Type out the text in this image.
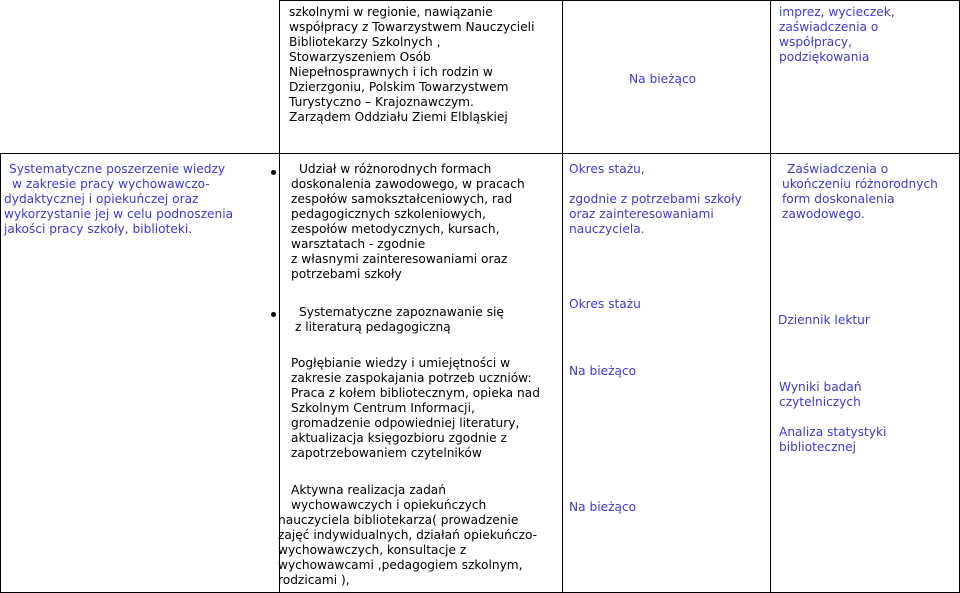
szkolnymi w regionie, nawiązanie
współpracy z Towarzystwem Nauczycieli
Bibliotekarzy Szkolnych ,
Stowarzyszeniem Osób
Niepełnosprawnych i ich rodzin w
Dzierzgoniu, Polskim Towarzystwem
Turystyczno – Krajoznawczym.
Zarządem Oddziału Ziemi Elbląskiej
Na bieżąco
imprez, wycieczek,
zaświadczenia o
współpracy,
podziękowania
Systematyczne poszerzenie wiedzy
w zakresie pracy wychowawczo-
dydaktycznej i opiekuńczej oraz
wykorzystanie jej w celu podnoszenia
jakości pracy szkoły, biblioteki.
Udział w różnorodnych formach
doskonalenia zawodowego, w pracach
zespołów samokształceniowych, rad
pedagogicznych szkoleniowych,
zespołów metodycznych, kursach,
warsztatach - zgodnie
z własnymi zainteresowaniami oraz
potrzebami szkoły
Okres stażu,
zgodnie z potrzebami szkoły
oraz zainteresowaniami
nauczyciela.
Zaświadczenia o
ukończeniu różnorodnych
form doskonalenia
zawodowego.
Systematyczne zapoznawanie się
z literaturą pedagogiczną
Okres stażu
Dziennik lektur
Pogłębianie wiedzy i umiejętności w
zakresie zaspokajania potrzeb uczniów:
Praca z kołem bibliotecznym, opieka nad
Szkolnym Centrum Informacji,
gromadzenie odpowiedniej literatury,
aktualizacja księgozbioru zgodnie z
zapotrzebowaniem czytelników
Na bieżąco
Wyniki badań
czytelniczych
Analiza statystyki
bibliotecznej
Aktywna realizacja zadań
wychowawczych i opiekuńczych
nauczyciela bibliotekarza( prowadzenie
zajęć indywidualnych, działań opiekuńczo-
wychowawczych, konsultacje z
wychowawcami ,pedagogiem szkolnym,
rodzicami ),
Na bieżąco
